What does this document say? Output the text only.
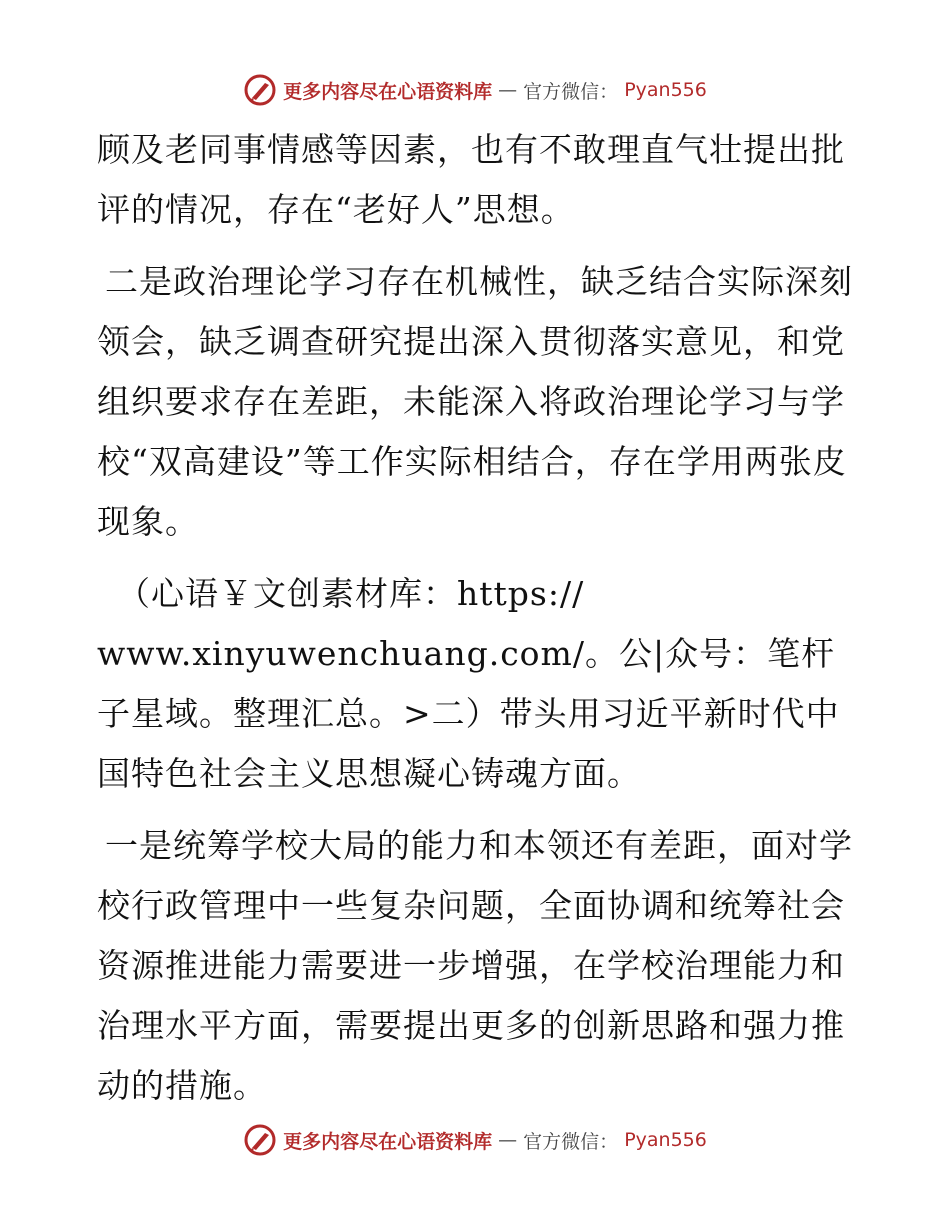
更多内容尽在心语资料库 — 官方微信： Pyan556

顾及老同事情感等因素，也有不敢理直气壮提出批评的情况，存在“老好人”思想。

二是政治理论学习存在机械性，缺乏结合实际深刻领会，缺乏调查研究提出深入贯彻落实意见，和党组织要求存在差距，未能深入将政治理论学习与学校“双高建设”等工作实际相结合，存在学用两张皮现象。

（心语￥文创素材库：https://

www.xinyuwenchuang.com/。公|众号：笔杆子星域。整理汇总。>二）带头用习近平新时代中国特色社会主义思想凝心铸魂方面。

一是统筹学校大局的能力和本领还有差距，面对学校行政管理中一些复杂问题，全面协调和统筹社会资源推进能力需要进一步增强，在学校治理能力和治理水平方面，需要提出更多的创新思路和强力推动的措施。

更多内容尽在心语资料库 — 官方微信： Pyan556
